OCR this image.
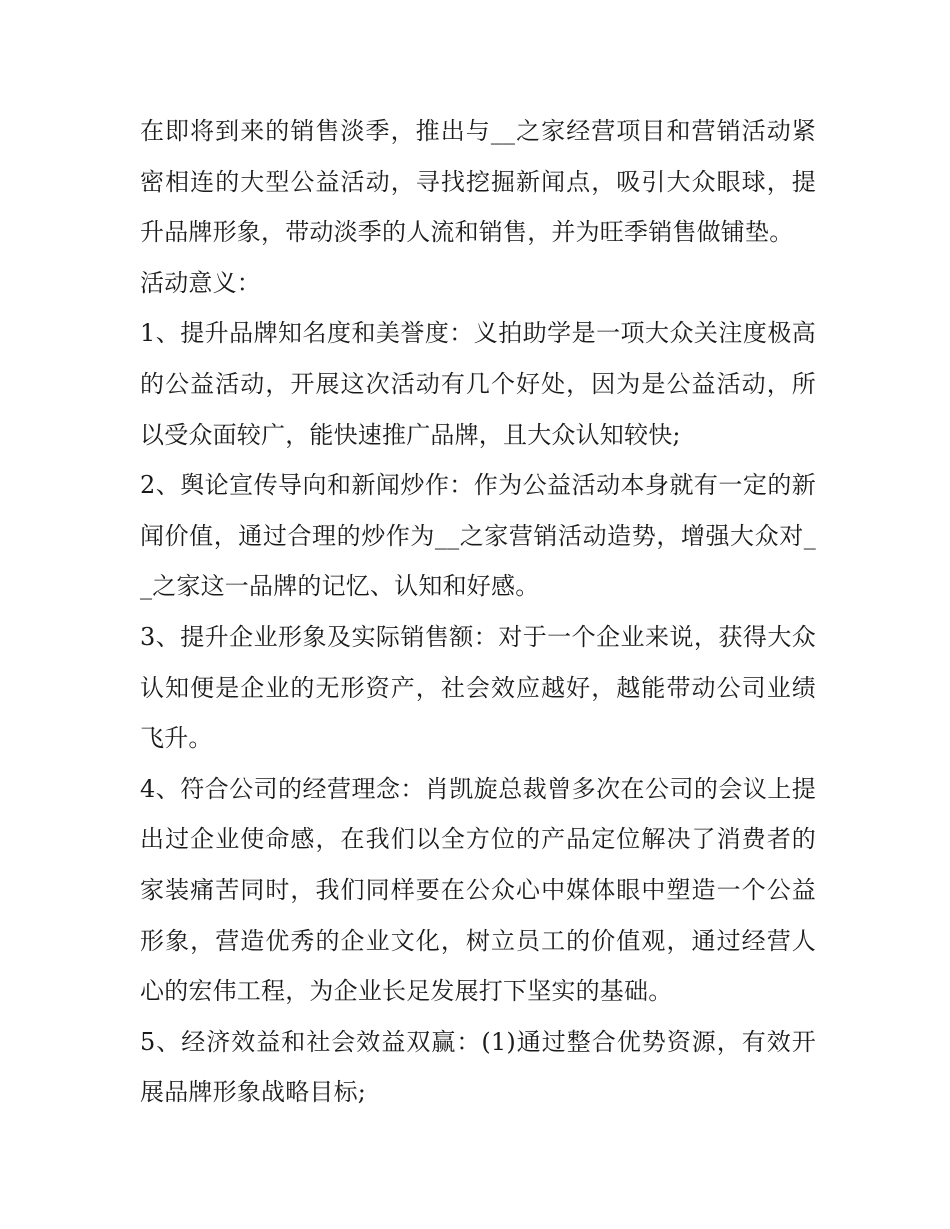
在即将到来的销售淡季，推出与__之家经营项目和营销活动紧密相连的大型公益活动，寻找挖掘新闻点，吸引大众眼球，提升品牌形象，带动淡季的人流和销售，并为旺季销售做铺垫。

活动意义：

1、提升品牌知名度和美誉度：义拍助学是一项大众关注度极高的公益活动，开展这次活动有几个好处，因为是公益活动，所以受众面较广，能快速推广品牌，且大众认知较快;

2、舆论宣传导向和新闻炒作：作为公益活动本身就有一定的新闻价值，通过合理的炒作为__之家营销活动造势，增强大众对__之家这一品牌的记忆、认知和好感。

3、提升企业形象及实际销售额：对于一个企业来说，获得大众认知便是企业的无形资产，社会效应越好，越能带动公司业绩飞升。

4、符合公司的经营理念：肖凯旋总裁曾多次在公司的会议上提出过企业使命感，在我们以全方位的产品定位解决了消费者的家装痛苦同时，我们同样要在公众心中媒体眼中塑造一个公益形象，营造优秀的企业文化，树立员工的价值观，通过经营人心的宏伟工程，为企业长足发展打下坚实的基础。

5、经济效益和社会效益双赢：(1)通过整合优势资源，有效开展品牌形象战略目标;
